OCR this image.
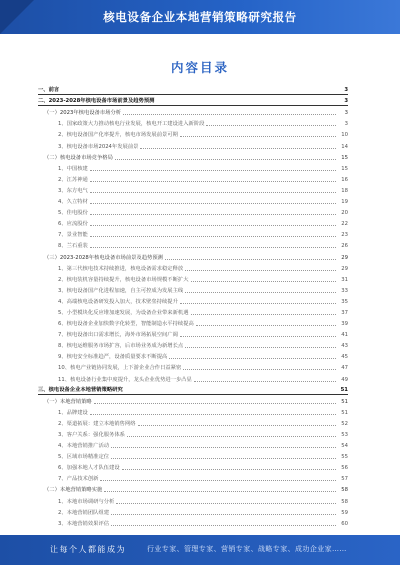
核电设备企业本地营销策略研究报告
内容目录
一、前言	3
二、2023-2028年核电设备市场前景及趋势预测	3
（一）2023年核电设备市场分析	3
1、国家政策大力推动核电行业发展，核电开工建设进入新阶段	3
2、核电设备国产化率提升，核电市场发展前景可期	10
3、核电设备市场2024年发展前景	14
（二）核电设备市场竞争格局	15
1、中国核建	15
2、江苏神通	16
3、东方电气	18
4、久立特材	19
5、佳电股份	20
6、应流股份	22
7、景业智能	23
8、兰石重装	26
（三）2023-2028年核电设备市场前景及趋势预测	29
1、第三代核电技术持续推进，核电设备需求稳定释放	29
2、核电装机容量持续提升，核电设备市场规模不断扩大	31
3、核电设备国产化进程加速，自主可控成为发展主线	33
4、高端核电设备研发投入加大，技术壁垒持续提升	35
5、小型模块化反应堆加速发展，为设备企业带来新机遇	37
6、核电设备企业加快数字化转型，智能制造水平持续提高	39
7、核电设备出口需求增长，海外市场拓展空间广阔	41
8、核电运维服务市场扩容，后市场业务成为新增长点	43
9、核电安全标准趋严，设备质量要求不断提高	45
10、核电产业链协同发展，上下游企业合作日益紧密	47
11、核电设备行业集中度提升，龙头企业优势进一步凸显	49
三、核电设备企业本地营销策略研究	51
（一）本地营销策略	51
1、品牌建设	51
2、渠道拓展：建立本地销售网络	52
3、客户关系：强化服务体系	53
4、本地营销推广活动	54
5、区域市场精准定位	55
6、加强本地人才队伍建设	56
7、产品技术创新	57
（二）本地营销策略实施	58
1、本地市场调研与分析	58
2、本地营销团队组建	59
3、本地营销效果评估	60
让每个人都能成为	行业专家、管理专家、营销专家、战略专家、成功企业家……
